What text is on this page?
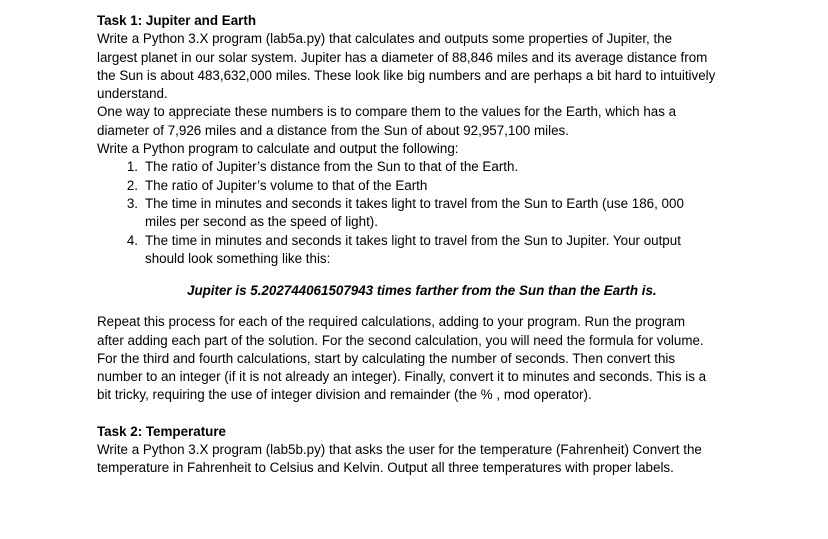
Task 1: Jupiter and Earth

Write a Python 3.X program (lab5a.py) that calculates and outputs some properties of Jupiter, the

largest planet in our solar system. Jupiter has a diameter of 88,846 miles and its average distance from

the Sun is about 483,632,000 miles. These look like big numbers and are perhaps a bit hard to intuitively

understand.

One way to appreciate these numbers is to compare them to the values for the Earth, which has a

diameter of 7,926 miles and a distance from the Sun of about 92,957,100 miles.

Write a Python program to calculate and output the following:

1. The ratio of Jupiter’s distance from the Sun to that of the Earth.
2. The ratio of Jupiter’s volume to that of the Earth
3. The time in minutes and seconds it takes light to travel from the Sun to Earth (use 186, 000
miles per second as the speed of light).
4. The time in minutes and seconds it takes light to travel from the Sun to Jupiter. Your output
should look something like this:

Jupiter is 5.202744061507943 times farther from the Sun than the Earth is.

Repeat this process for each of the required calculations, adding to your program. Run the program

after adding each part of the solution. For the second calculation, you will need the formula for volume.

For the third and fourth calculations, start by calculating the number of seconds. Then convert this

number to an integer (if it is not already an integer). Finally, convert it to minutes and seconds. This is a

bit tricky, requiring the use of integer division and remainder (the % , mod operator).

Task 2: Temperature

Write a Python 3.X program (lab5b.py) that asks the user for the temperature (Fahrenheit) Convert the

temperature in Fahrenheit to Celsius and Kelvin. Output all three temperatures with proper labels.
